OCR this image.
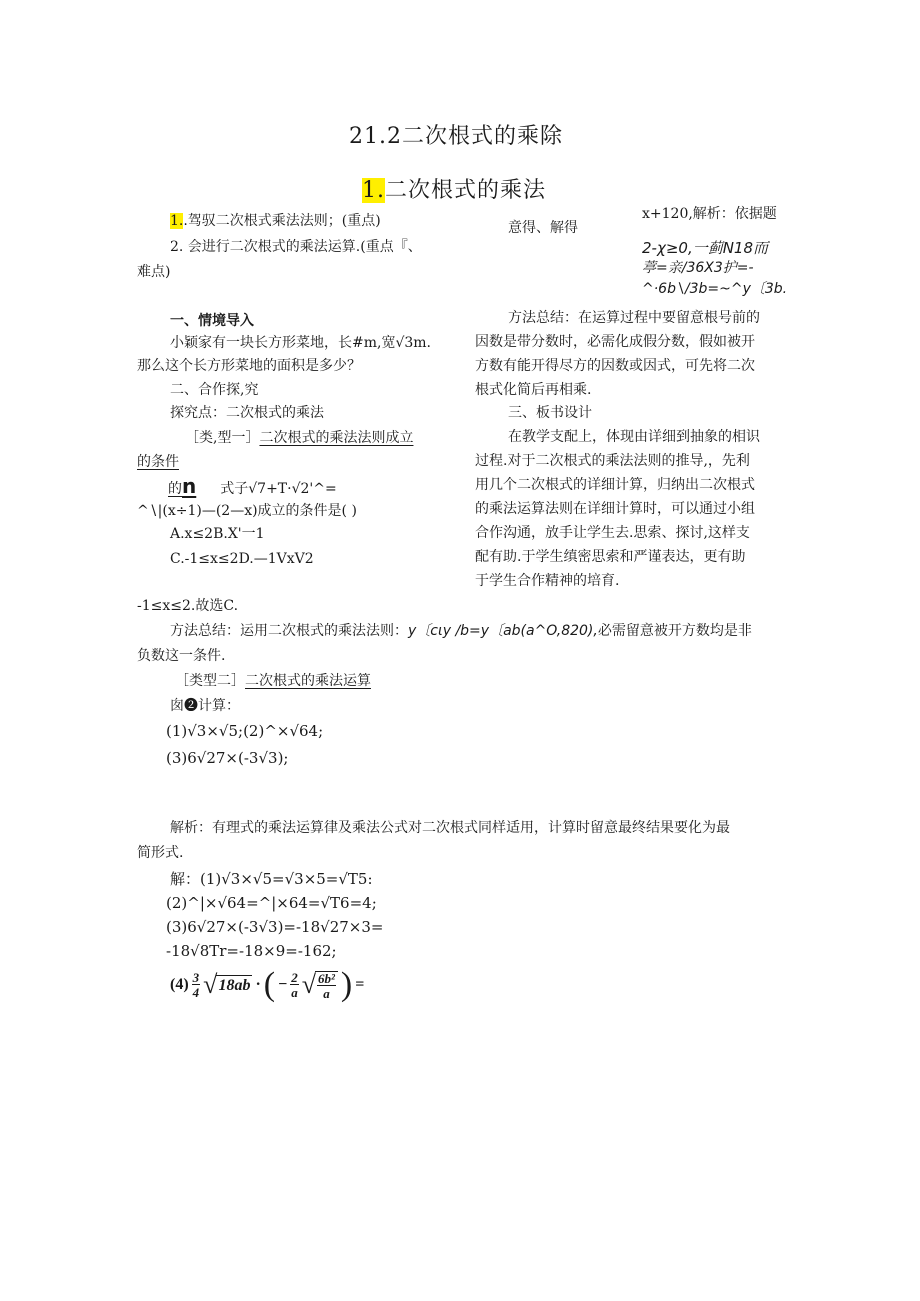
21.2二次根式的乘除
1.二次根式的乘法
1..驾驭二次根式乘法法则；(重点)
2. 会进行二次根式的乘法运算.(重点『、
难点)
意得、解得
x+120,解析：依据题
2-χ≥0,一蓟N18而
葶=亲/36X3护=-
^·6b∖/3b=~^y〔3b.
一、情境导入
小颖家有一块长方形菜地，长#m,宽√3m.
那么这个长方形菜地的面积是多少？
二、合作探,究
探究点：二次根式的乘法
［类,型一］二次根式的乘法法则成立
的条件
的n 式子√7+T·√2'^=
^∖|(x÷1)—(2—x)成立的条件是( )
A.x≤2B.X'一1
C.-1≤x≤2D.—1VxV2
-1≤x≤2.故选C.
方法总结：运用二次根式的乘法法则：y〔cιy ∕b=y〔ab(a^O,820),必需留意被开方数均是非
负数这一条件.
［类型二］二次根式的乘法运算
囱❷计算：
(1)√3×√5;(2)^×√64;
(3)6√27×(-3√3);
方法总结：在运算过程中要留意根号前的
因数是带分数时，必需化成假分数，假如被开
方数有能开得尽方的因数或因式，可先将二次
根式化简后再相乘.
三、板书设计
在教学支配上，体现由详细到抽象的相识
过程.对于二次根式的乘法法则的推导,，先利
用几个二次根式的详细计算，归纳出二次根式
的乘法运算法则在详细计算时，可以通过小组
合作沟通，放手让学生去.思索、探讨,这样支
配有助.于学生缜密思索和严谨表达，更有助
于学生合作精神的培育.
解析：有理式的乘法运算律及乘法公式对二次根式同样适用，计算时留意最终结果要化为最
简形式.
解：(1)√3×√5=√3×5=√T5:
(2)^|×√64=^|×64=√T6=4;
(3)6√27×(-3√3)=-18√27×3=
-18√8Tr=-18×9=-162;
$(4) \frac{3}{4}$ √ 18ab · ( − $\frac{2}{a}$ √ $\frac{\text{6b²}}{a}$ ) =
